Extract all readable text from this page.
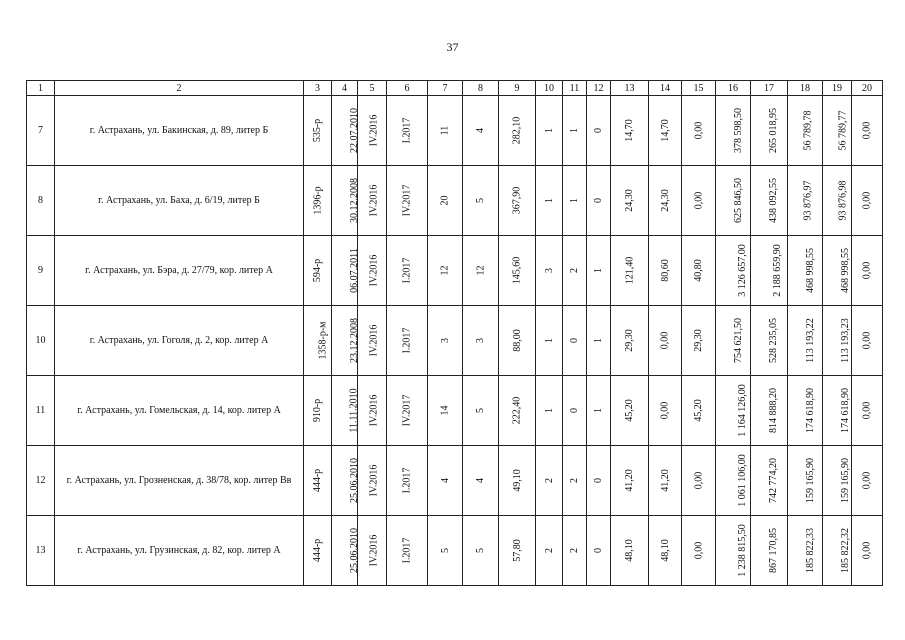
37
1	2	3	4	5	6	7	8	9	10	11	12	13	14	15	16	17	18	19	20
7	г. Астрахань, ул. Бакинская, д. 89, литер Б	535-р	22.07.2010	IV.2016	I.2017	11	4	282,10	1	1	0	14,70	14,70	0,00	378 598,50	265 018,95	56 789,78	56 789,77	0,00
8	г. Астрахань, ул. Баха, д. 6/19, литер Б	1396-р	30.12.2008	IV.2016	IV.2017	20	5	367,90	1	1	0	24,30	24,30	0,00	625 846,50	438 092,55	93 876,97	93 876,98	0,00
9	г. Астрахань, ул. Бэра, д. 27/79, кор. литер А	594-р	06.07.2011	IV.2016	I.2017	12	12	145,60	3	2	1	121,40	80,60	40,80	3 126 657,00	2 188 659,90	468 998,55	468 998,55	0,00
10	г. Астрахань, ул. Гоголя, д. 2, кор. литер А	1358-р-м	23.12.2008	IV.2016	I.2017	3	3	88,00	1	0	1	29,30	0,00	29,30	754 621,50	528 235,05	113 193,22	113 193,23	0,00
11	г. Астрахань, ул. Гомельская, д. 14, кор. литер А	910-р	11.11.2010	IV.2016	IV.2017	14	5	222,40	1	0	1	45,20	0,00	45,20	1 164 126,00	814 888,20	174 618,90	174 618,90	0,00
12	г. Астрахань, ул. Грозненская, д. 38/78, кор. литер Вв	444-р	25.06.2010	IV.2016	I.2017	4	4	49,10	2	2	0	41,20	41,20	0,00	1 061 106,00	742 774,20	159 165,90	159 165,90	0,00
13	г. Астрахань, ул. Грузинская, д. 82, кор. литер А	444-р	25.06.2010	IV.2016	I.2017	5	5	57,80	2	2	0	48,10	48,10	0,00	1 238 815,50	867 170,85	185 822,33	185 822,32	0,00
